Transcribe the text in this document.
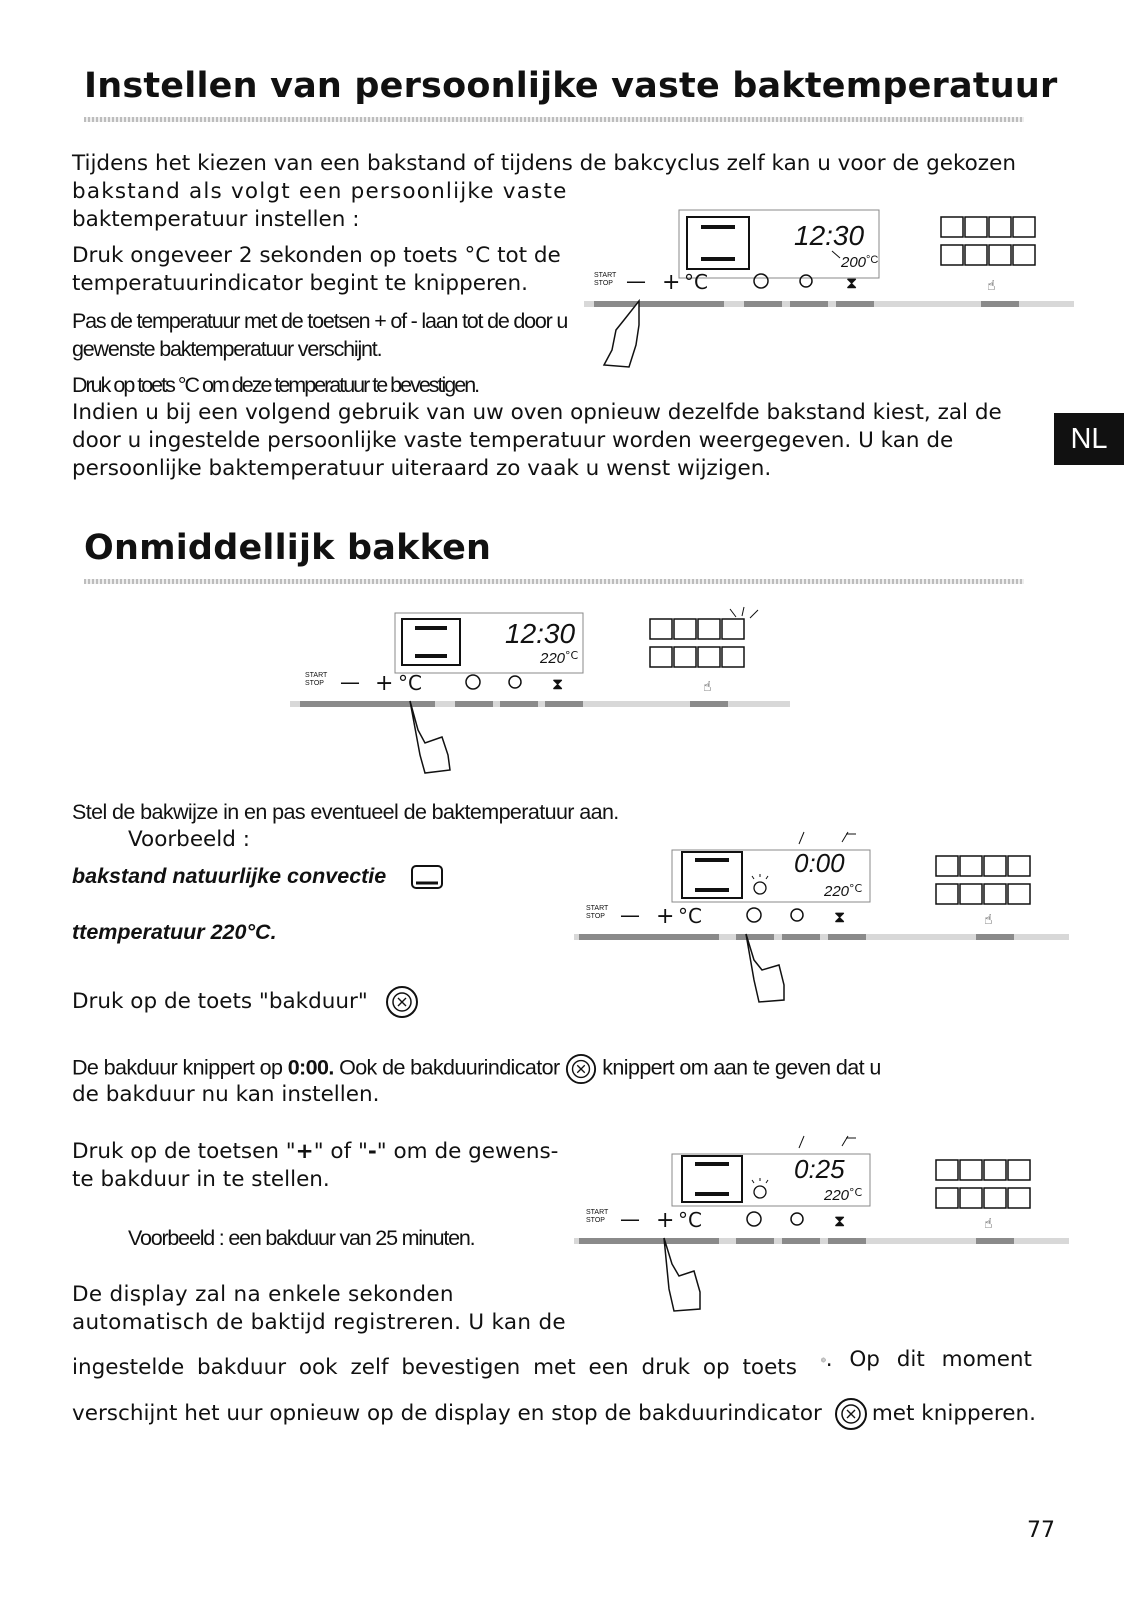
Instellen van persoonlijke vaste baktemperatuur

Tijdens het kiezen van een bakstand of tijdens de bakcyclus zelf kan u voor de gekozen

bakstand als volgt een persoonlijke vaste

baktemperatuur instellen :

Druk ongeveer 2 sekonden op toets °C tot de temperatuurindicator begint te knipperen.

Pas de temperatuur met de toetsen + of - laan tot de door u gewenste baktemperatuur verschijnt.

Druk op toets °C om deze temperatuur te bevestigen.

Indien u bij een volgend gebruik van uw oven opnieuw dezelfde bakstand kiest, zal de door u ingestelde persoonlijke vaste temperatuur worden weergegeven. U kan de persoonlijke baktemperatuur uiteraard zo vaak u wenst wijzigen.

NL
12:30
200 °C
START
STOP — + °C	⧗	☝
Onmiddellijk bakken
12:30
220 °C
START
STOP — + °C	⧗	☝

Stel de bakwijze in en pas eventueel de baktemperatuur aan.

Voorbeeld :

bakstand natuurlijke convectie

ttemperatuur 220°C.

0:00
220 °C
START
STOP — + °C	⧗	☝

Druk op de toets "bakduur"

De bakduur knippert op 0:00. Ook de bakduurindicator  knippert om aan te geven dat u

de bakduur nu kan instellen.

Druk op de toetsen "+" of "-" om de gewens-

te bakduur in te stellen.

Voorbeeld : een bakduur van 25 minuten.

0:25
220 °C
START
STOP — + °C	⧗	☝

De display zal na enkele sekonden

automatisch de baktijd registreren. U kan de

ingestelde bakduur ook zelf bevestigen met een druk op toets . Op dit moment

verschijnt het uur opnieuw op de display en stop de bakduurindicator met knipperen.

77
